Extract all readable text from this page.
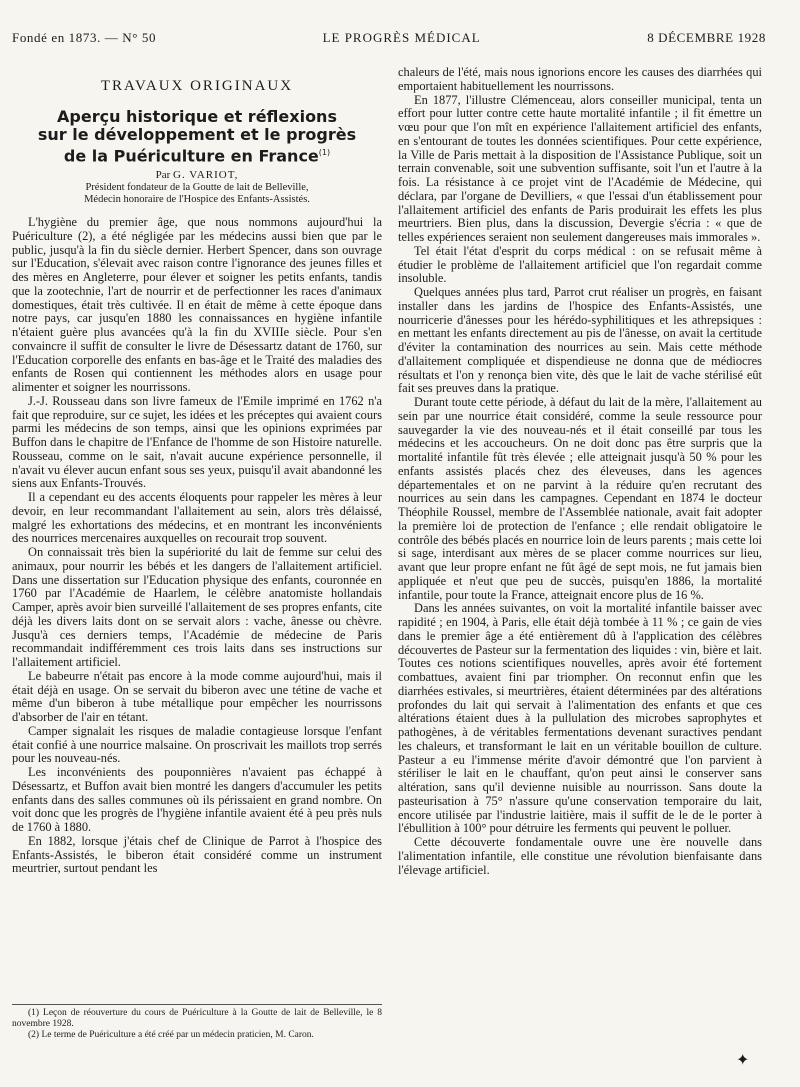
Fondé en 1873. — N° 50	LE PROGRÈS MÉDICAL	8 DÉCEMBRE 1928
TRAVAUX ORIGINAUX
Aperçu historique et réflexions
sur le développement et le progrès
de la Puériculture en France$^{(1)}$
Par G. VARIOT,
Président fondateur de la Goutte de lait de Belleville,
Médecin honoraire de l'Hospice des Enfants-Assistés.

L'hygiène du premier âge, que nous nommons aujourd'hui la Puériculture (2), a été négligée par les médecins aussi bien que par le public, jusqu'à la fin du siècle dernier. Herbert Spencer, dans son ouvrage sur l'Education, s'élevait avec raison contre l'ignorance des jeunes filles et des mères en Angleterre, pour élever et soigner les petits enfants, tandis que la zootechnie, l'art de nourrir et de perfectionner les races d'animaux domestiques, était très cultivée. Il en était de même à cette époque dans notre pays, car jusqu'en 1880 les connaissances en hygiène infantile n'étaient guère plus avancées qu'à la fin du XVIIIe siècle. Pour s'en convaincre il suffit de consulter le livre de Désessartz datant de 1760, sur l'Education corporelle des enfants en bas-âge et le Traité des maladies des enfants de Rosen qui contiennent les méthodes alors en usage pour alimenter et soigner les nourrissons.

J.-J. Rousseau dans son livre fameux de l'Emile imprimé en 1762 n'a fait que reproduire, sur ce sujet, les idées et les préceptes qui avaient cours parmi les médecins de son temps, ainsi que les opinions exprimées par Buffon dans le chapitre de l'Enfance de l'homme de son Histoire naturelle. Rousseau, comme on le sait, n'avait aucune expérience personnelle, il n'avait vu élever aucun enfant sous ses yeux, puisqu'il avait abandonné les siens aux Enfants-Trouvés.

Il a cependant eu des accents éloquents pour rappeler les mères à leur devoir, en leur recommandant l'allaitement au sein, alors très délaissé, malgré les exhortations des médecins, et en montrant les inconvénients des nourrices mercenaires auxquelles on recourait trop souvent.

On connaissait très bien la supériorité du lait de femme sur celui des animaux, pour nourrir les bébés et les dangers de l'allaitement artificiel. Dans une dissertation sur l'Education physique des enfants, couronnée en 1760 par l'Académie de Haarlem, le célèbre anatomiste hollandais Camper, après avoir bien surveillé l'allaitement de ses propres enfants, cite déjà les divers laits dont on se servait alors : vache, ânesse ou chèvre. Jusqu'à ces derniers temps, l'Académie de médecine de Paris recommandait indifféremment ces trois laits dans ses instructions sur l'allaitement artificiel.

Le babeurre n'était pas encore à la mode comme aujourd'hui, mais il était déjà en usage. On se servait du biberon avec une tétine de vache et même d'un biberon à tube métallique pour empêcher les nourrissons d'absorber de l'air en tétant.

Camper signalait les risques de maladie contagieuse lorsque l'enfant était confié à une nourrice malsaine. On proscrivait les maillots trop serrés pour les nouveau-nés.

Les inconvénients des pouponnières n'avaient pas échappé à Désessartz, et Buffon avait bien montré les dangers d'accumuler les petits enfants dans des salles communes où ils périssaient en grand nombre. On voit donc que les progrès de l'hygiène infantile avaient été à peu près nuls de 1760 à 1880.

En 1882, lorsque j'étais chef de Clinique de Parrot à l'hospice des Enfants-Assistés, le biberon était considéré comme un instrument meurtrier, surtout pendant les

(1) Leçon de réouverture du cours de Puériculture à la Goutte de lait de Belleville, le 8 novembre 1928.

(2) Le terme de Puériculture a été créé par un médecin praticien, M. Caron.

chaleurs de l'été, mais nous ignorions encore les causes des diarrhées qui emportaient habituellement les nourrissons.

En 1877, l'illustre Clémenceau, alors conseiller municipal, tenta un effort pour lutter contre cette haute mortalité infantile ; il fit émettre un vœu pour que l'on mît en expérience l'allaitement artificiel des enfants, en s'entourant de toutes les données scientifiques. Pour cette expérience, la Ville de Paris mettait à la disposition de l'Assistance Publique, soit un terrain convenable, soit une subvention suffisante, soit l'un et l'autre à la fois. La résistance à ce projet vint de l'Académie de Médecine, qui déclara, par l'organe de Devilliers, « que l'essai d'un établissement pour l'allaitement artificiel des enfants de Paris produirait les effets les plus meurtriers. Bien plus, dans la discussion, Devergie s'écria : « que de telles expériences seraient non seulement dangereuses mais immorales ».

Tel était l'état d'esprit du corps médical : on se refusait même à étudier le problème de l'allaitement artificiel que l'on regardait comme insoluble.

Quelques années plus tard, Parrot crut réaliser un progrès, en faisant installer dans les jardins de l'hospice des Enfants-Assistés, une nourricerie d'ânesses pour les hérédo-syphilitiques et les athrepsiques : en mettant les enfants directement au pis de l'ânesse, on avait la certitude d'éviter la contamination des nourrices au sein. Mais cette méthode d'allaitement compliquée et dispendieuse ne donna que de médiocres résultats et l'on y renonça bien vite, dès que le lait de vache stérilisé eût fait ses preuves dans la pratique.

Durant toute cette période, à défaut du lait de la mère, l'allaitement au sein par une nourrice était considéré, comme la seule ressource pour sauvegarder la vie des nouveau-nés et il était conseillé par tous les médecins et les accoucheurs. On ne doit donc pas être surpris que la mortalité infantile fût très élevée ; elle atteignait jusqu'à 50 % pour les enfants assistés placés chez des éleveuses, dans les agences départementales et on ne parvint à la réduire qu'en recrutant des nourrices au sein dans les campagnes. Cependant en 1874 le docteur Théophile Roussel, membre de l'Assemblée nationale, avait fait adopter la première loi de protection de l'enfance ; elle rendait obligatoire le contrôle des bébés placés en nourrice loin de leurs parents ; mais cette loi si sage, interdisant aux mères de se placer comme nourrices sur lieu, avant que leur propre enfant ne fût âgé de sept mois, ne fut jamais bien appliquée et n'eut que peu de succès, puisqu'en 1886, la mortalité infantile, pour toute la France, atteignait encore plus de 16 %.

Dans les années suivantes, on voit la mortalité infantile baisser avec rapidité ; en 1904, à Paris, elle était déjà tombée à 11 % ; ce gain de vies dans le premier âge a été entièrement dû à l'application des célèbres découvertes de Pasteur sur la fermentation des liquides : vin, bière et lait. Toutes ces notions scientifiques nouvelles, après avoir été fortement combattues, avaient fini par triompher. On reconnut enfin que les diarrhées estivales, si meurtrières, étaient déterminées par des altérations profondes du lait qui servait à l'alimentation des enfants et que ces altérations étaient dues à la pullulation des microbes saprophytes et pathogènes, à de véritables fermentations devenant suractives pendant les chaleurs, et transformant le lait en un véritable bouillon de culture. Pasteur a eu l'immense mérite d'avoir démontré que l'on parvient à stériliser le lait en le chauffant, qu'on peut ainsi le conserver sans altération, sans qu'il devienne nuisible au nourrisson. Sans doute la pasteurisation à 75° n'assure qu'une conservation temporaire du lait, encore utilisée par l'industrie laitière, mais il suffit de le de le porter à l'ébullition à 100° pour détruire les ferments qui peuvent le polluer.

Cette découverte fondamentale ouvre une ère nouvelle dans l'alimentation infantile, elle constitue une révolution bienfaisante dans l'élevage artificiel.

✦
